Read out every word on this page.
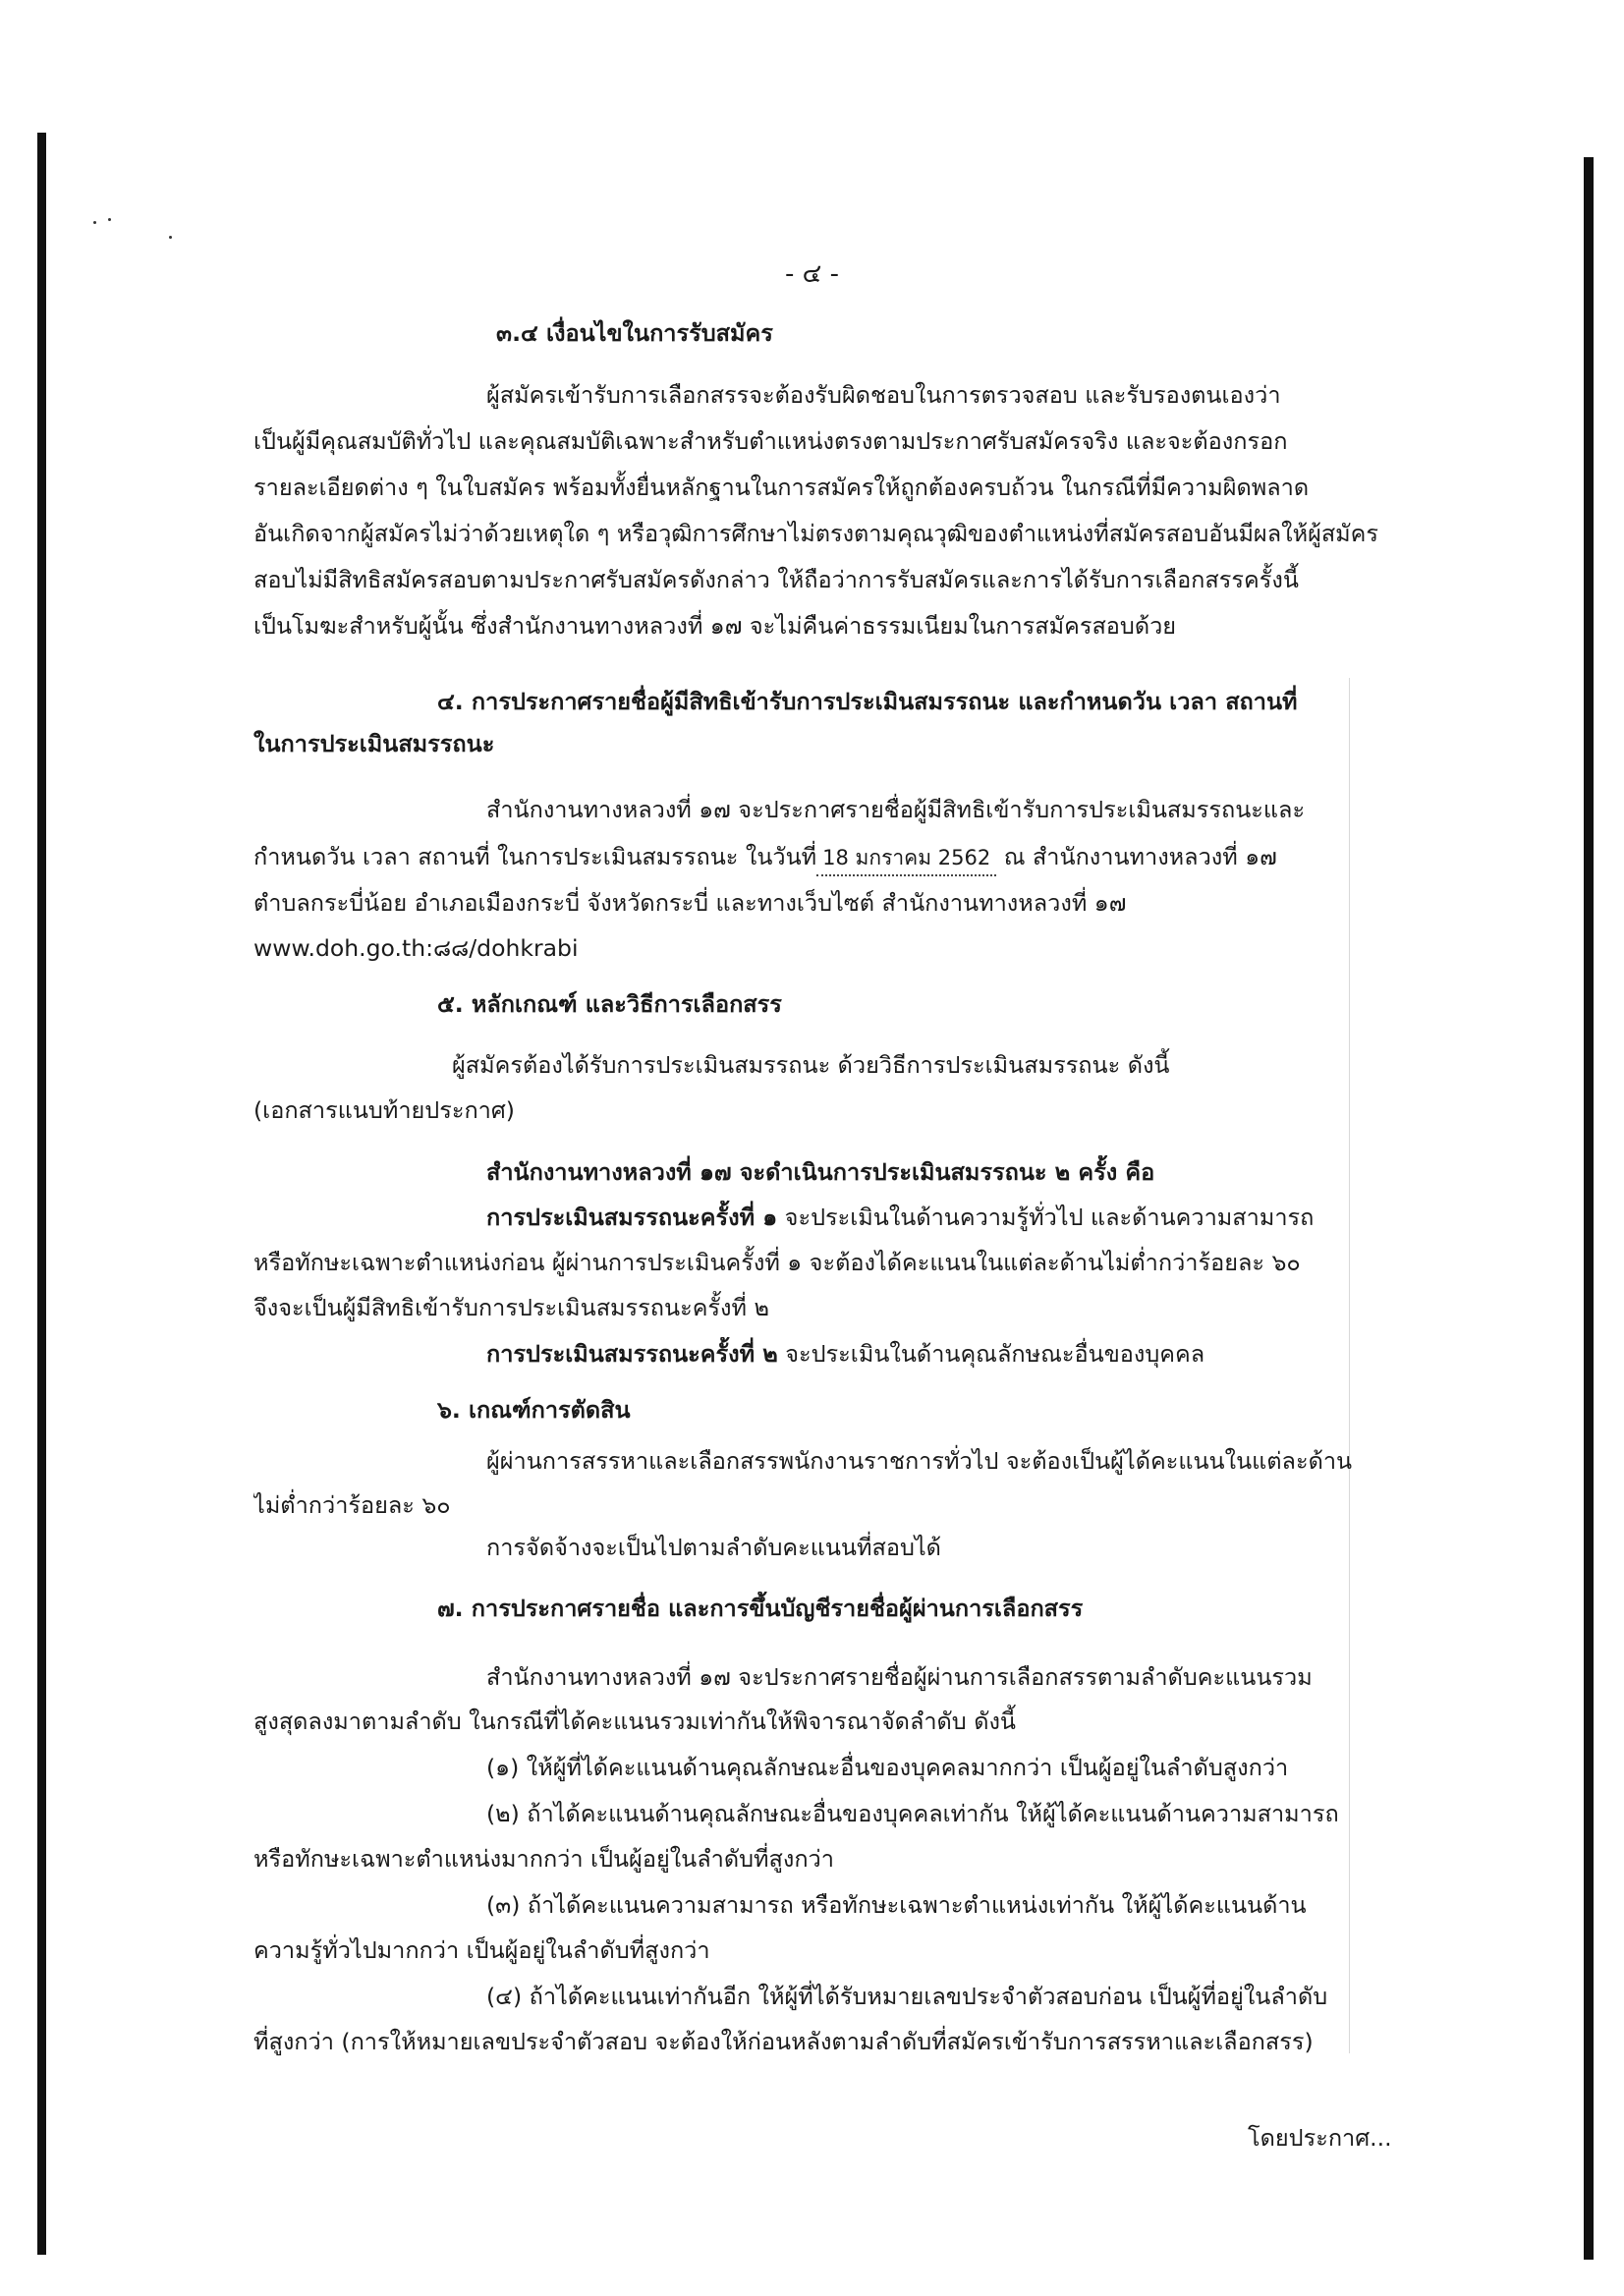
- ๔ -
๓.๔ เงื่อนไขในการรับสมัคร
ผู้สมัครเข้ารับการเลือกสรรจะต้องรับผิดชอบในการตรวจสอบ และรับรองตนเองว่า
เป็นผู้มีคุณสมบัติทั่วไป และคุณสมบัติเฉพาะสำหรับตำแหน่งตรงตามประกาศรับสมัครจริง และจะต้องกรอก
รายละเอียดต่าง ๆ ในใบสมัคร พร้อมทั้งยื่นหลักฐานในการสมัครให้ถูกต้องครบถ้วน ในกรณีที่มีความผิดพลาด
อันเกิดจากผู้สมัครไม่ว่าด้วยเหตุใด ๆ หรือวุฒิการศึกษาไม่ตรงตามคุณวุฒิของตำแหน่งที่สมัครสอบอันมีผลให้ผู้สมัคร
สอบไม่มีสิทธิสมัครสอบตามประกาศรับสมัครดังกล่าว ให้ถือว่าการรับสมัครและการได้รับการเลือกสรรครั้งนี้
เป็นโมฆะสำหรับผู้นั้น ซึ่งสำนักงานทางหลวงที่ ๑๗ จะไม่คืนค่าธรรมเนียมในการสมัครสอบด้วย
๔. การประกาศรายชื่อผู้มีสิทธิเข้ารับการประเมินสมรรถนะ และกำหนดวัน เวลา สถานที่
ในการประเมินสมรรถนะ
สำนักงานทางหลวงที่ ๑๗ จะประกาศรายชื่อผู้มีสิทธิเข้ารับการประเมินสมรรถนะและ
กำหนดวัน เวลา สถานที่ ในการประเมินสมรรถนะ ในวันที่ 18 มกราคม 2562 ณ สำนักงานทางหลวงที่ ๑๗
ตำบลกระบี่น้อย อำเภอเมืองกระบี่ จังหวัดกระบี่ และทางเว็บไซต์ สำนักงานทางหลวงที่ ๑๗
www.doh.go.th:๘๘/dohkrabi
๕. หลักเกณฑ์ และวิธีการเลือกสรร
ผู้สมัครต้องได้รับการประเมินสมรรถนะ ด้วยวิธีการประเมินสมรรถนะ ดังนี้
(เอกสารแนบท้ายประกาศ)
สำนักงานทางหลวงที่ ๑๗ จะดำเนินการประเมินสมรรถนะ ๒ ครั้ง คือ
การประเมินสมรรถนะครั้งที่ ๑ จะประเมินในด้านความรู้ทั่วไป และด้านความสามารถ
หรือทักษะเฉพาะตำแหน่งก่อน ผู้ผ่านการประเมินครั้งที่ ๑ จะต้องได้คะแนนในแต่ละด้านไม่ต่ำกว่าร้อยละ ๖๐
จึงจะเป็นผู้มีสิทธิเข้ารับการประเมินสมรรถนะครั้งที่ ๒
การประเมินสมรรถนะครั้งที่ ๒ จะประเมินในด้านคุณลักษณะอื่นของบุคคล
๖. เกณฑ์การตัดสิน
ผู้ผ่านการสรรหาและเลือกสรรพนักงานราชการทั่วไป จะต้องเป็นผู้ได้คะแนนในแต่ละด้าน
ไม่ต่ำกว่าร้อยละ ๖๐
การจัดจ้างจะเป็นไปตามลำดับคะแนนที่สอบได้
๗. การประกาศรายชื่อ และการขึ้นบัญชีรายชื่อผู้ผ่านการเลือกสรร
สำนักงานทางหลวงที่ ๑๗ จะประกาศรายชื่อผู้ผ่านการเลือกสรรตามลำดับคะแนนรวม
สูงสุดลงมาตามลำดับ ในกรณีที่ได้คะแนนรวมเท่ากันให้พิจารณาจัดลำดับ ดังนี้
(๑) ให้ผู้ที่ได้คะแนนด้านคุณลักษณะอื่นของบุคคลมากกว่า เป็นผู้อยู่ในลำดับสูงกว่า
(๒) ถ้าได้คะแนนด้านคุณลักษณะอื่นของบุคคลเท่ากัน ให้ผู้ได้คะแนนด้านความสามารถ
หรือทักษะเฉพาะตำแหน่งมากกว่า เป็นผู้อยู่ในลำดับที่สูงกว่า
(๓) ถ้าได้คะแนนความสามารถ หรือทักษะเฉพาะตำแหน่งเท่ากัน ให้ผู้ได้คะแนนด้าน
ความรู้ทั่วไปมากกว่า เป็นผู้อยู่ในลำดับที่สูงกว่า
(๔) ถ้าได้คะแนนเท่ากันอีก ให้ผู้ที่ได้รับหมายเลขประจำตัวสอบก่อน เป็นผู้ที่อยู่ในลำดับ
ที่สูงกว่า (การให้หมายเลขประจำตัวสอบ จะต้องให้ก่อนหลังตามลำดับที่สมัครเข้ารับการสรรหาและเลือกสรร)
โดยประกาศ...
